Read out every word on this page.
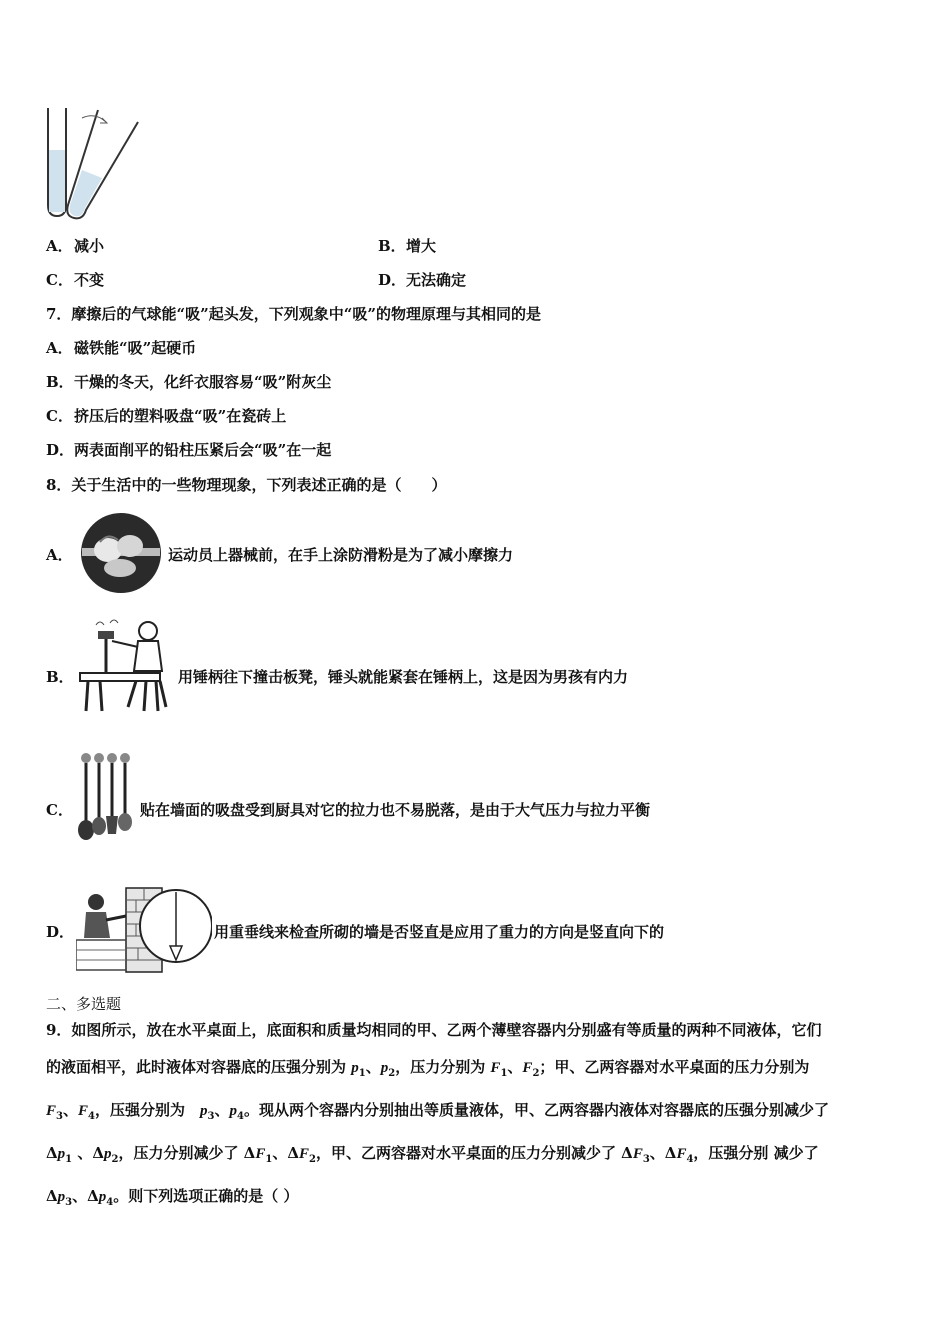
A．减小	B．增大
C．不变	D．无法确定
7．摩擦后的气球能“吸”起头发，下列观象中“吸”的物理原理与其相同的是
A．磁铁能“吸”起硬币
B．干燥的冬天，化纤衣服容易“吸”附灰尘
C．挤压后的塑料吸盘“吸”在瓷砖上
D．两表面削平的铅柱压紧后会“吸”在一起
8．关于生活中的一些物理现象，下列表述正确的是（　　）
A．	运动员上器械前，在手上涂防滑粉是为了减小摩擦力
B．	用锤柄往下撞击板凳，锤头就能紧套在锤柄上，这是因为男孩有内力
C．	贴在墙面的吸盘受到厨具对它的拉力也不易脱落，是由于大气压力与拉力平衡
D．	用重垂线来检查所砌的墙是否竖直是应用了重力的方向是竖直向下的
二、多选题
9．如图所示，放在水平桌面上，底面积和质量均相同的甲、乙两个薄壁容器内分别盛有等质量的两种不同液体，它们
的液面相平，此时液体对容器底的压强分别为 $p_1$、$p_2$，压力分别为 $F_1$、$F_2$；甲、乙两容器对水平桌面的压力分别为
$F_3$、$F_4$，压强分别为　$p_3$、$p_4$。现从两个容器内分别抽出等质量液体，甲、乙两容器内液体对容器底的压强分别减少了
$\Delta p_1$ 、$\Delta p_2$，压力分别减少了 $\Delta F_1$、$\Delta F_2$，甲、乙两容器对水平桌面的压力分别减少了 $\Delta F_3$、$\Delta F_4$，压强分别 减少了
$\Delta p_3$、$\Delta p_4$。则下列选项正确的是（ ）
